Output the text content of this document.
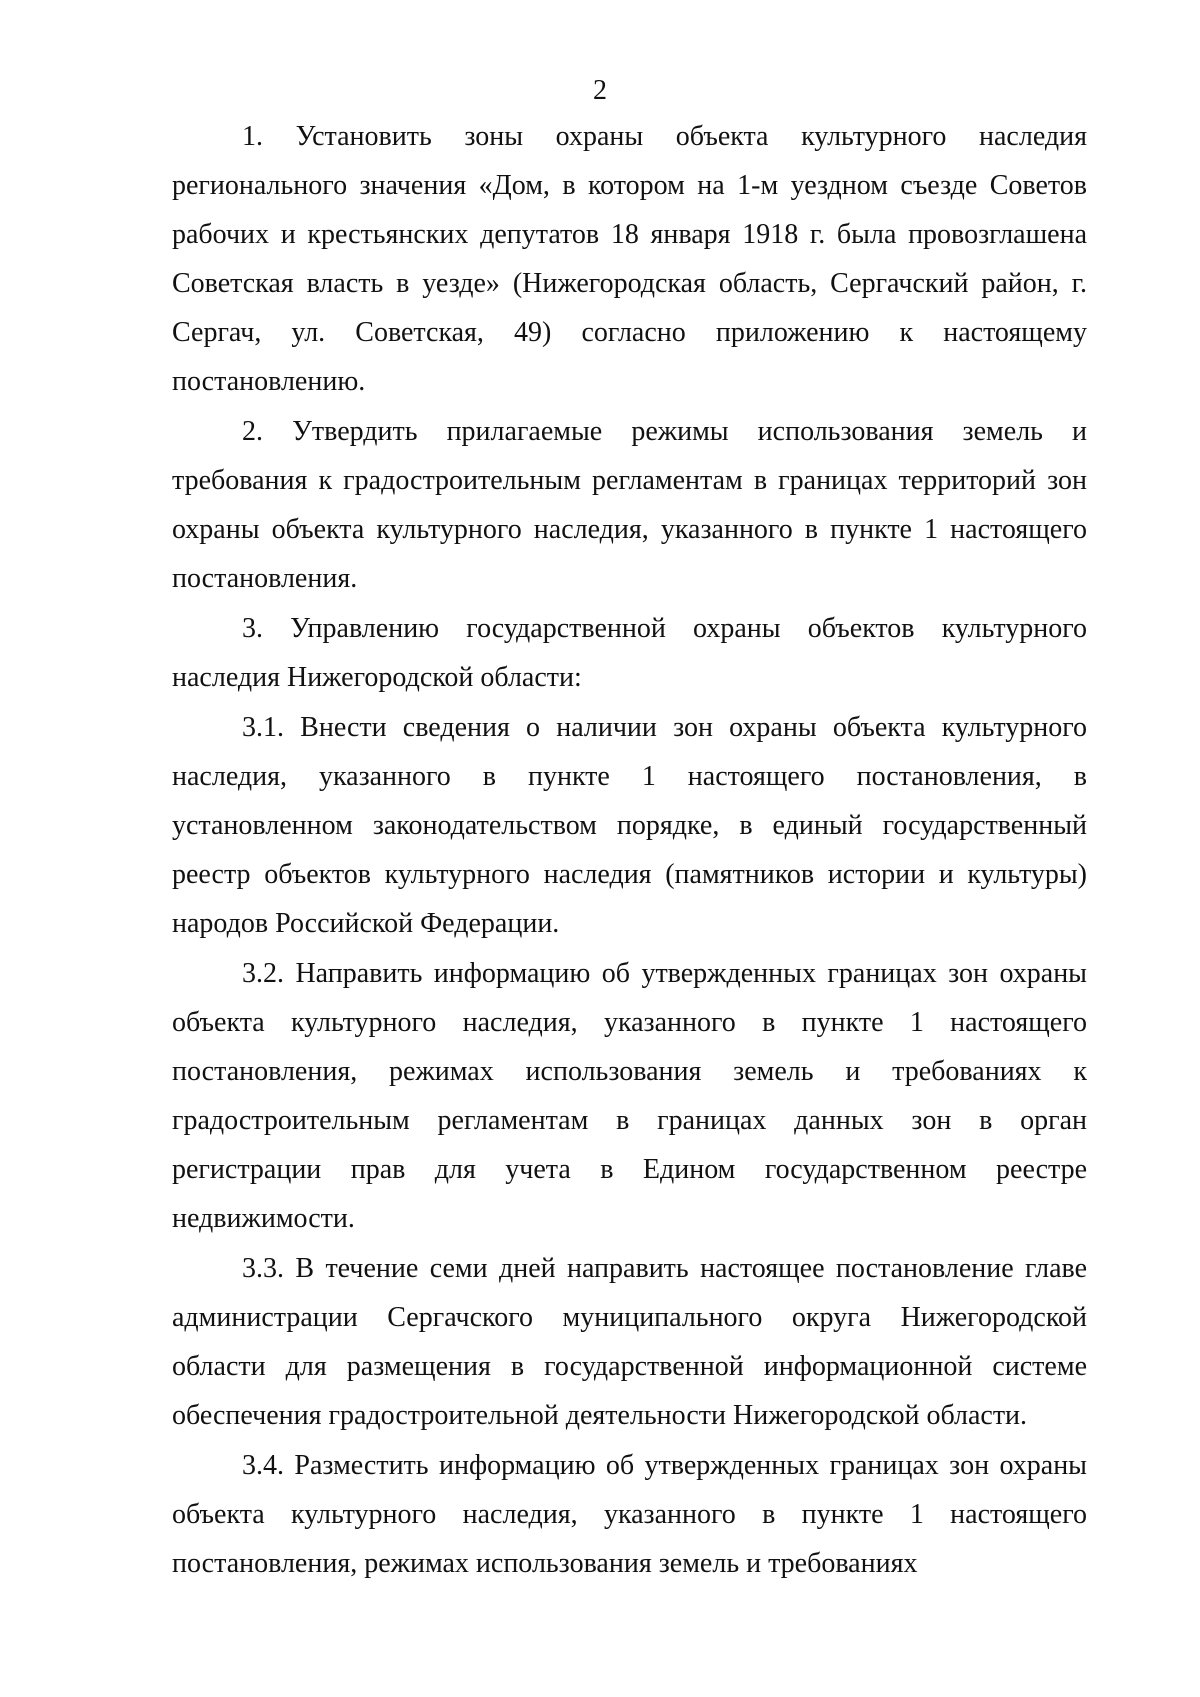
2

1. Установить зоны охраны объекта культурного наследия регионального значения «Дом, в котором на 1-м уездном съезде Советов рабочих и крестьянских депутатов 18 января 1918 г. была провозглашена Советская власть в уезде» (Нижегородская область, Сергачский район, г. Сергач, ул. Советская, 49) согласно приложению к настоящему постановлению.

2. Утвердить прилагаемые режимы использования земель и требования к градостроительным регламентам в границах территорий зон охраны объекта культурного наследия, указанного в пункте 1 настоящего постановления.

3. Управлению государственной охраны объектов культурного наследия Нижегородской области:

3.1. Внести сведения о наличии зон охраны объекта культурного наследия, указанного в пункте 1 настоящего постановления, в установленном законодательством порядке, в единый государственный реестр объектов культурного наследия (памятников истории и культуры) народов Российской Федерации.

3.2. Направить информацию об утвержденных границах зон охраны объекта культурного наследия, указанного в пункте 1 настоящего постановления, режимах использования земель и требованиях к градостроительным регламентам в границах данных зон в орган регистрации прав для учета в Едином государственном реестре недвижимости.

3.3. В течение семи дней направить настоящее постановление главе администрации Сергачского муниципального округа Нижегородской области для размещения в государственной информационной системе обеспечения градостроительной деятельности Нижегородской области.

3.4. Разместить информацию об утвержденных границах зон охраны объекта культурного наследия, указанного в пункте 1 настоящего постановления, режимах использования земель и требованиях
